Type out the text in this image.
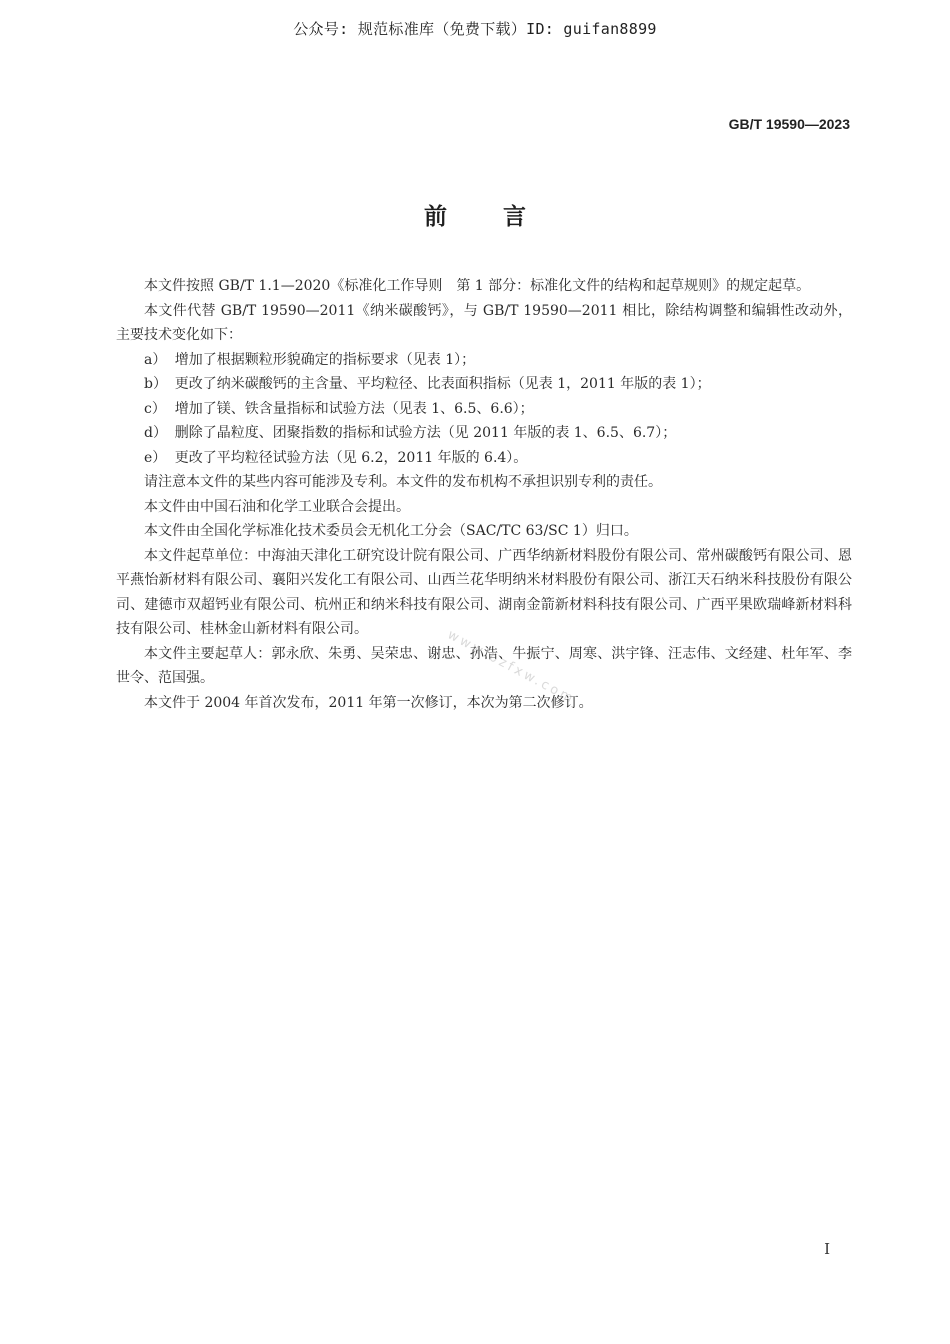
公众号: 规范标准库（免费下载）ID: guifan8899
GB/T 19590—2023
前言

本文件按照 GB/T 1.1—2020《标准化工作导则　第 1 部分：标准化文件的结构和起草规则》的规定起草。

本文件代替 GB/T 19590—2011《纳米碳酸钙》，与 GB/T 19590—2011 相比，除结构调整和编辑性改动外，主要技术变化如下：

a） 增加了根据颗粒形貌确定的指标要求（见表 1）；

b） 更改了纳米碳酸钙的主含量、平均粒径、比表面积指标（见表 1，2011 年版的表 1）；

c） 增加了镁、铁含量指标和试验方法（见表 1、6.5、6.6）；

d） 删除了晶粒度、团聚指数的指标和试验方法（见 2011 年版的表 1、6.5、6.7）；

e） 更改了平均粒径试验方法（见 6.2，2011 年版的 6.4）。

请注意本文件的某些内容可能涉及专利。本文件的发布机构不承担识别专利的责任。

本文件由中国石油和化学工业联合会提出。

本文件由全国化学标准化技术委员会无机化工分会（SAC/TC 63/SC 1）归口。

本文件起草单位：中海油天津化工研究设计院有限公司、广西华纳新材料股份有限公司、常州碳酸钙有限公司、恩平燕怡新材料有限公司、襄阳兴发化工有限公司、山西兰花华明纳米材料股份有限公司、浙江天石纳米科技股份有限公司、建德市双超钙业有限公司、杭州正和纳米科技有限公司、湖南金箭新材料科技有限公司、广西平果欧瑞峰新材料科技有限公司、桂林金山新材料有限公司。

本文件主要起草人：郭永欣、朱勇、吴荣忠、谢忠、孙浩、牛振宁、周寒、洪宇锋、汪志伟、文经建、杜年军、李世令、范国强。

本文件于 2004 年首次发布，2011 年第一次修订，本次为第二次修订。

www.bzfxw.com
I
